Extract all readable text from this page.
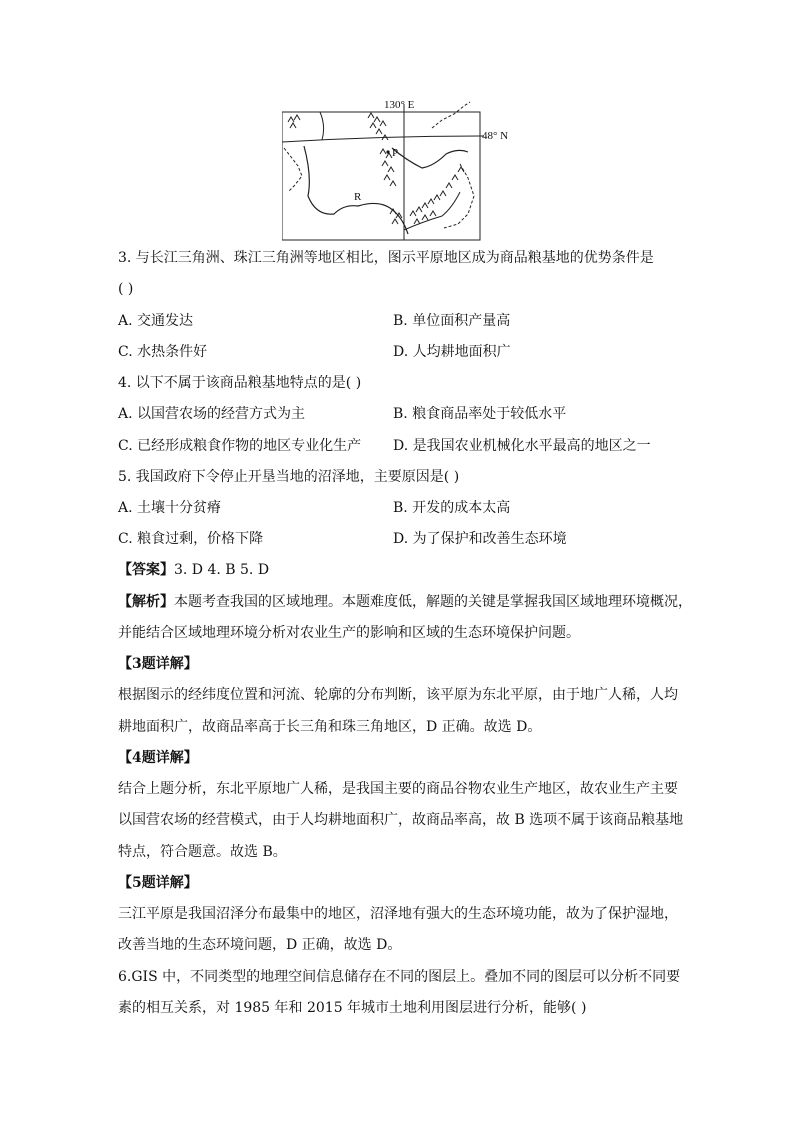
P
R
130° E
48° N
3. 与长江三角洲、珠江三角洲等地区相比，图示平原地区成为商品粮基地的优势条件是
( )
A. 交通发达	B. 单位面积产量高
C. 水热条件好	D. 人均耕地面积广
4. 以下不属于该商品粮基地特点的是( )
A. 以国营农场的经营方式为主	B. 粮食商品率处于较低水平
C. 已经形成粮食作物的地区专业化生产 D. 是我国农业机械化水平最高的地区之一
5. 我国政府下令停止开垦当地的沼泽地，主要原因是( )
A. 土壤十分贫瘠	B. 开发的成本太高
C. 粮食过剩，价格下降	D. 为了保护和改善生态环境
【答案】3. D 4. B 5. D
【解析】本题考查我国的区域地理。本题难度低，解题的关键是掌握我国区域地理环境概况，
并能结合区域地理环境分析对农业生产的影响和区域的生态环境保护问题。
【3题详解】
根据图示的经纬度位置和河流、轮廓的分布判断，该平原为东北平原，由于地广人稀，人均
耕地面积广，故商品率高于长三角和珠三角地区，D 正确。故选 D。
【4题详解】
结合上题分析，东北平原地广人稀，是我国主要的商品谷物农业生产地区，故农业生产主要
以国营农场的经营模式，由于人均耕地面积广，故商品率高，故 B 选项不属于该商品粮基地
特点，符合题意。故选 B。
【5题详解】
三江平原是我国沼泽分布最集中的地区，沼泽地有强大的生态环境功能，故为了保护湿地，
改善当地的生态环境问题，D 正确，故选 D。
6.GIS 中，不同类型的地理空间信息储存在不同的图层上。叠加不同的图层可以分析不同要
素的相互关系，对 1985 年和 2015 年城市土地利用图层进行分析，能够( )
